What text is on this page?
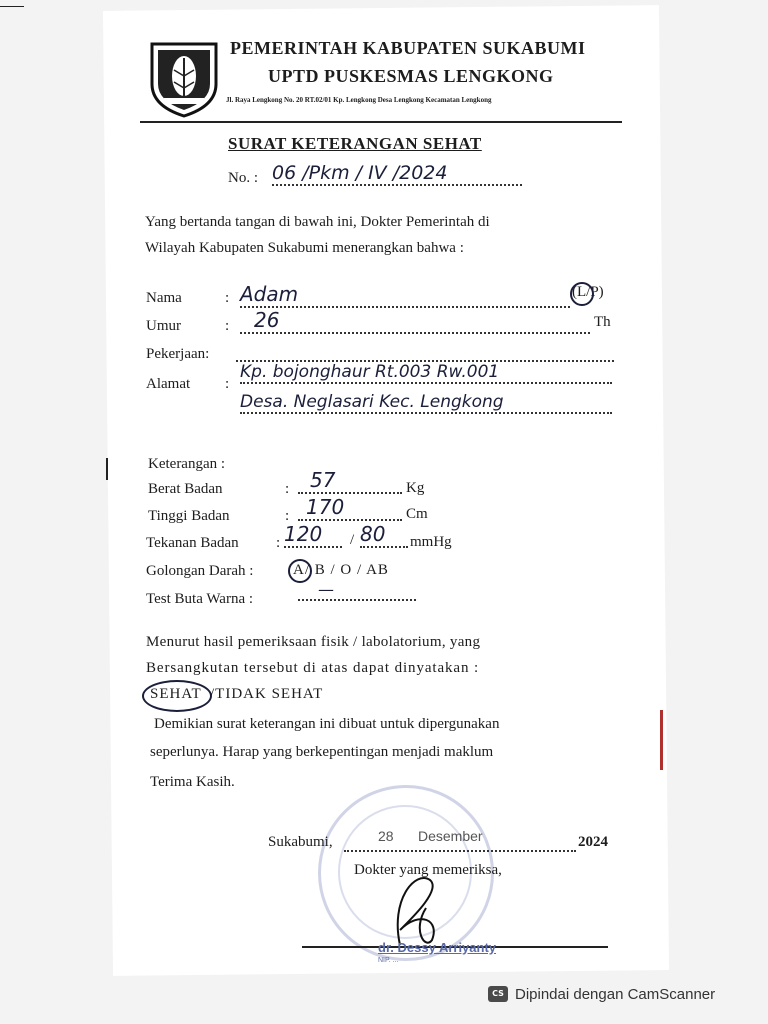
PEMERINTAH KABUPATEN SUKABUMI
UPTD PUSKESMAS LENGKONG
Jl. Raya Lengkong No. 20 RT.02/01 Kp. Lengkong Desa Lengkong Kecamatan Lengkong
SURAT KETERANGAN SEHAT
No. : 06 /Pkm / IV /2024
Yang bertanda tangan di bawah ini, Dokter Pemerintah di
Wilayah Kabupaten Sukabumi menerangkan bahwa :
Nama	: Adam	(L/P)
Umur	:	26	Th
Pekerjaan:
Alamat :
Kp. bojonghaur Rt.003 Rw.001
Desa. Neglasari Kec. Lengkong
Keterangan :
Berat Badan	:	57	Kg
Tinggi Badan	: 170	Cm
Tekanan Badan : 120	/ 80	mmHg
Golongan Darah :	A/ B / O / AB
Test Buta Warna :	—
Menurut hasil pemeriksaan fisik / labolatorium, yang
Bersangkutan tersebut di atas dapat dinyatakan :
SEHAT /TIDAK SEHAT
Demikian surat keterangan ini dibuat untuk dipergunakan
seperlunya. Harap yang berkepentingan menjadi maklum
Terima Kasih.
Sukabumi,	28 Desember	2024
Dokter yang memeriksa,
dr. Dessy Arriyanty
NIP. ...
CS Dipindai dengan CamScanner
